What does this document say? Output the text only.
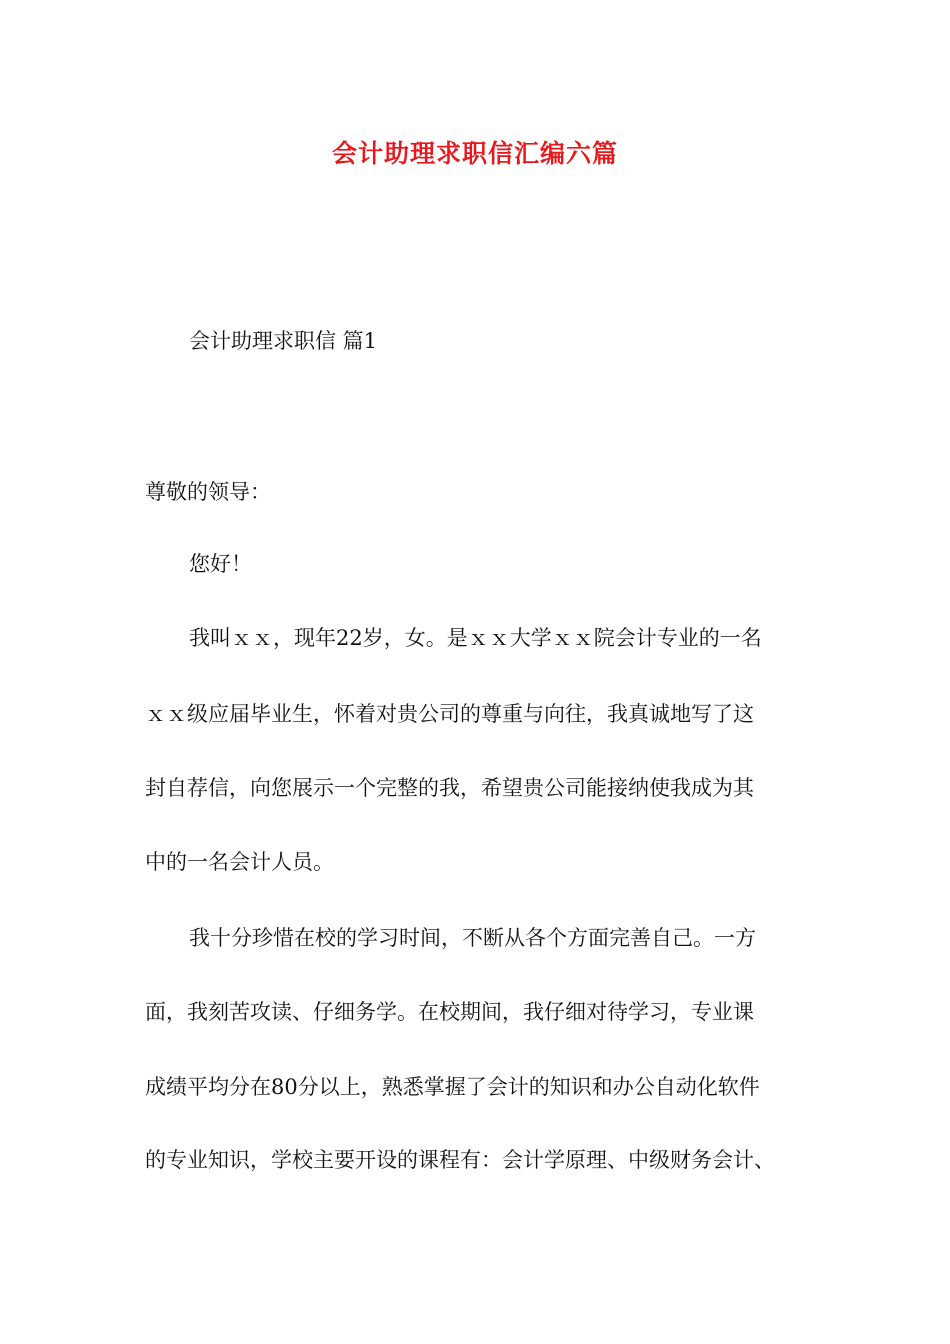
会计助理求职信汇编六篇
会计助理求职信 篇1
尊敬的领导：
您好！
我叫ｘｘ，现年22岁，女。是ｘｘ大学ｘｘ院会计专业的一名
ｘｘ级应届毕业生，怀着对贵公司的尊重与向往，我真诚地写了这
封自荐信，向您展示一个完整的我，希望贵公司能接纳使我成为其
中的一名会计人员。
我十分珍惜在校的学习时间，不断从各个方面完善自己。一方
面，我刻苦攻读、仔细务学。在校期间，我仔细对待学习，专业课
成绩平均分在80分以上，熟悉掌握了会计的知识和办公自动化软件
的专业知识，学校主要开设的课程有：会计学原理、中级财务会计、
